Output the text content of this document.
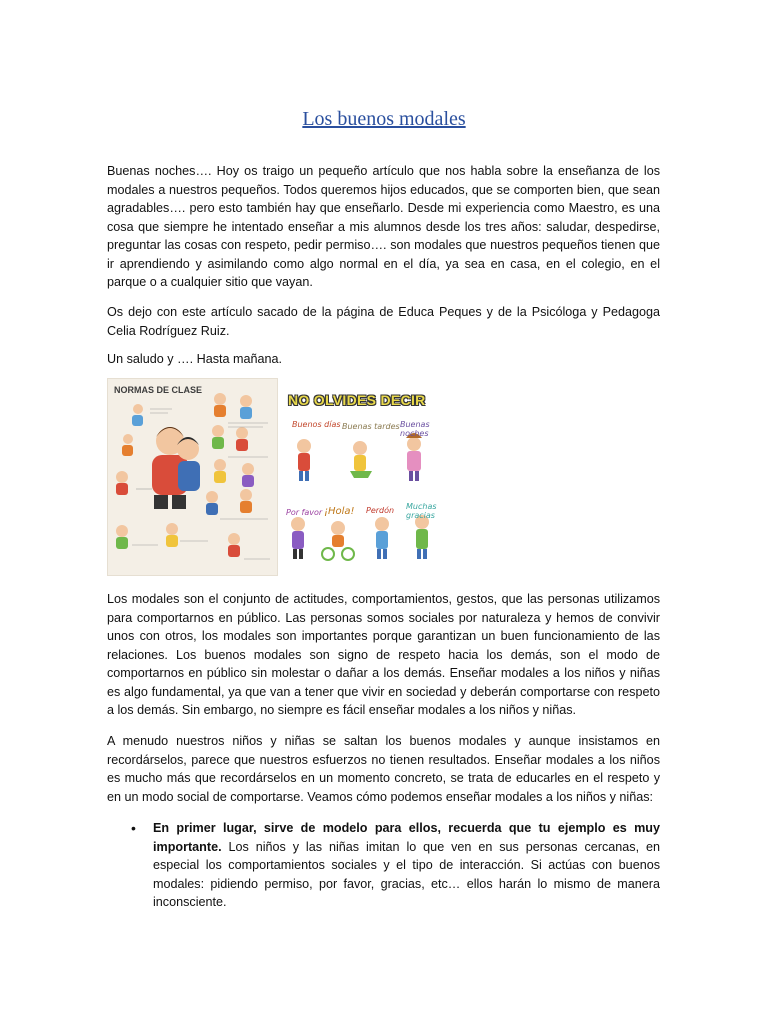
Los buenos modales

Buenas noches…. Hoy os traigo un pequeño artículo que nos habla sobre la enseñanza de los modales a nuestros pequeños. Todos queremos hijos educados, que se comporten bien, que sean agradables…. pero esto también hay que enseñarlo. Desde mi experiencia como Maestro, es una cosa que siempre he intentado enseñar a mis alumnos desde los tres años: saludar, despedirse, preguntar las cosas con respeto, pedir permiso…. son modales que nuestros pequeños tienen que ir aprendiendo y asimilando como algo normal en el día, ya sea en casa, en el colegio, en el parque o a cualquier sitio que vayan.

Os dejo con este artículo sacado de la página de Educa Peques y de la Psicóloga y Pedagoga Celia Rodríguez Ruiz.

Un saludo y …. Hasta mañana.

NORMAS DE CLASE
NO OLVIDES DECIR
Buenos días Buenas tardes Buenas noches
Por favor ¡Hola! Perdón Muchas gracias

Los modales son el conjunto de actitudes, comportamientos, gestos, que las personas utilizamos para comportarnos en público. Las personas somos sociales por naturaleza y hemos de convivir unos con otros, los modales son importantes porque garantizan un buen funcionamiento de las relaciones. Los buenos modales son signo de respeto hacia los demás, son el modo de comportarnos en público sin molestar o dañar a los demás. Enseñar modales a los niños y niñas es algo fundamental, ya que van a tener que vivir en sociedad y deberán comportarse con respeto a los demás. Sin embargo, no siempre es fácil enseñar modales a los niños y niñas.

A menudo nuestros niños y niñas se saltan los buenos modales y aunque insistamos en recordárselos, parece que nuestros esfuerzos no tienen resultados. Enseñar modales a los niños es mucho más que recordárselos en un momento concreto, se trata de educarles en el respeto y en un modo social de comportarse. Veamos cómo podemos enseñar modales a los niños y niñas:

• En primer lugar, sirve de modelo para ellos, recuerda que tu ejemplo es muy importante. Los niños y las niñas imitan lo que ven en sus personas cercanas, en especial los comportamientos sociales y el tipo de interacción. Si actúas con buenos modales: pidiendo permiso, por favor, gracias, etc… ellos harán lo mismo de manera inconsciente.
